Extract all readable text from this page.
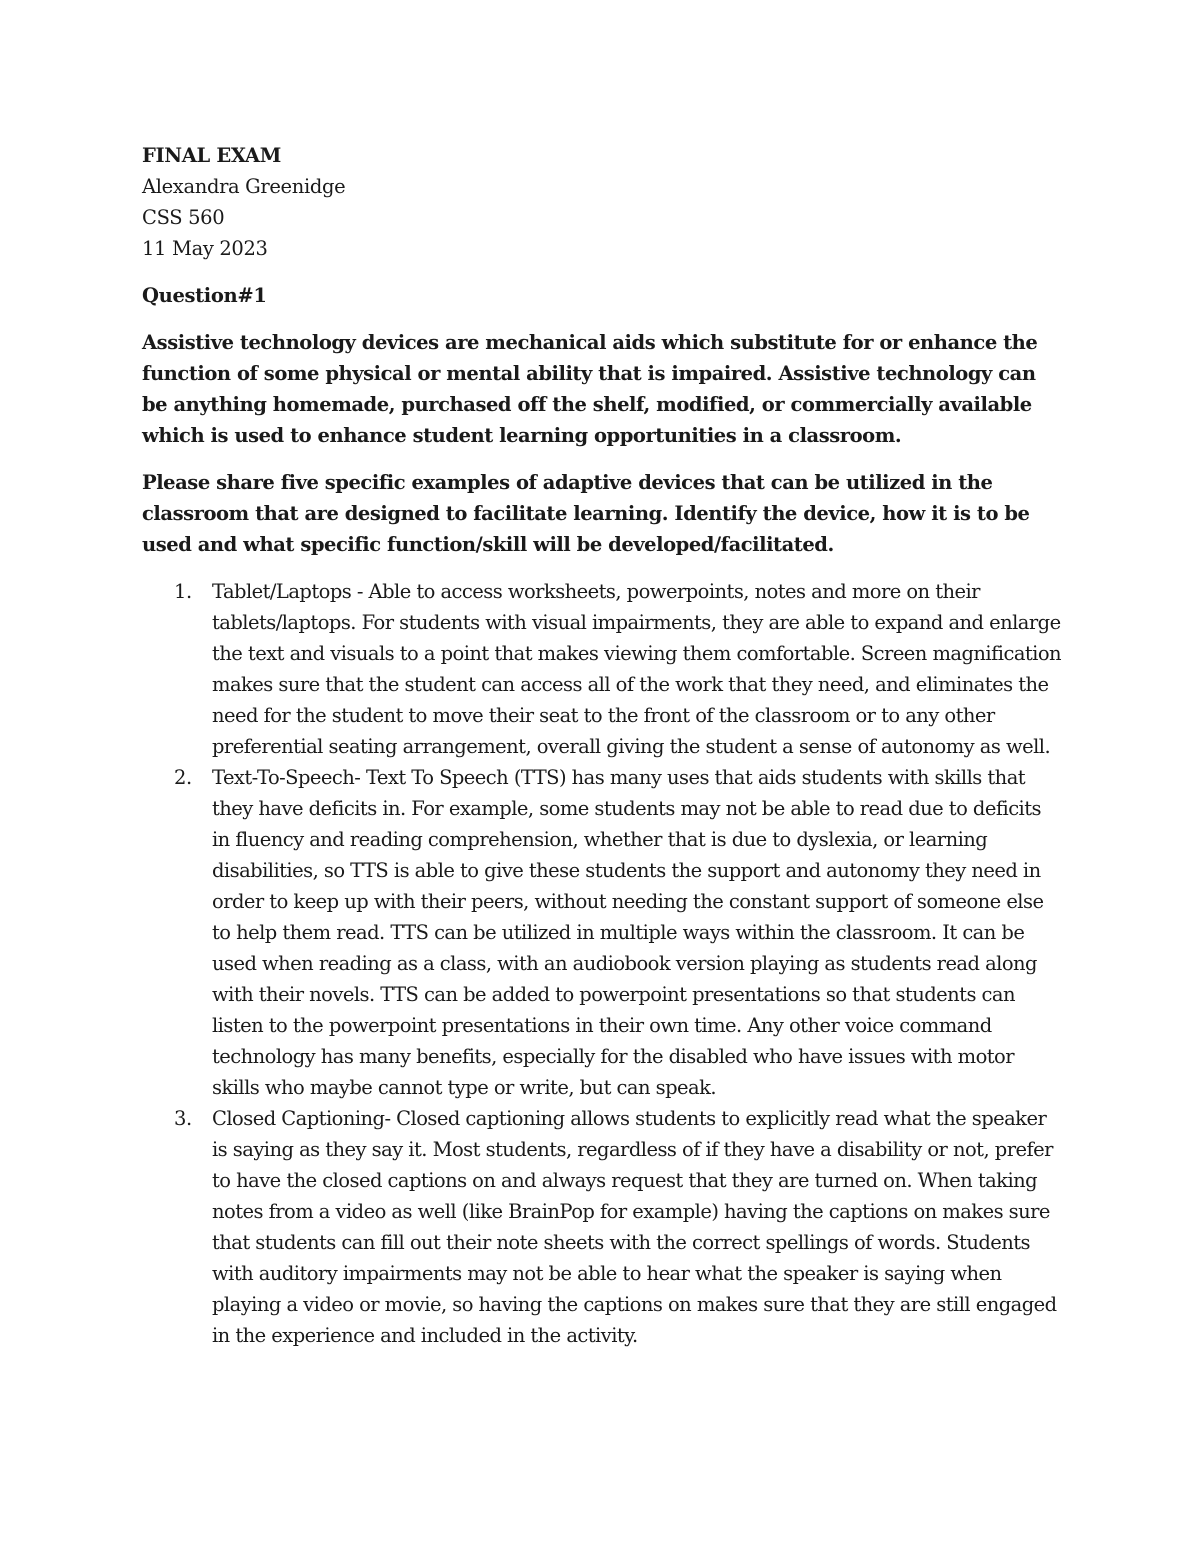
FINAL EXAM

Alexandra Greenidge

CSS 560

11 May 2023

Question#1

Assistive technology devices are mechanical aids which substitute for or enhance the function of some physical or mental ability that is impaired. Assistive technology can be anything homemade, purchased off the shelf, modified, or commercially available which is used to enhance student learning opportunities in a classroom.

Please share five specific examples of adaptive devices that can be utilized in the classroom that are designed to facilitate learning. Identify the device, how it is to be used and what specific function/skill will be developed/facilitated.

1.	Tablet/Laptops - Able to access worksheets, powerpoints, notes and more on their tablets/laptops. For students with visual impairments, they are able to expand and enlarge the text and visuals to a point that makes viewing them comfortable. Screen magnification makes sure that the student can access all of the work that they need, and eliminates the need for the student to move their seat to the front of the classroom or to any other preferential seating arrangement, overall giving the student a sense of autonomy as well.
2.	Text-To-Speech- Text To Speech (TTS) has many uses that aids students with skills that they have deficits in. For example, some students may not be able to read due to deficits in fluency and reading comprehension, whether that is due to dyslexia, or learning disabilities, so TTS is able to give these students the support and autonomy they need in order to keep up with their peers, without needing the constant support of someone else to help them read. TTS can be utilized in multiple ways within the classroom. It can be used when reading as a class, with an audiobook version playing as students read along with their novels. TTS can be added to powerpoint presentations so that students can listen to the powerpoint presentations in their own time. Any other voice command technology has many benefits, especially for the disabled who have issues with motor skills who maybe cannot type or write, but can speak.
3.	Closed Captioning- Closed captioning allows students to explicitly read what the speaker is saying as they say it. Most students, regardless of if they have a disability or not, prefer to have the closed captions on and always request that they are turned on. When taking notes from a video as well (like BrainPop for example) having the captions on makes sure that students can fill out their note sheets with the correct spellings of words. Students with auditory impairments may not be able to hear what the speaker is saying when playing a video or movie, so having the captions on makes sure that they are still engaged in the experience and included in the activity.
